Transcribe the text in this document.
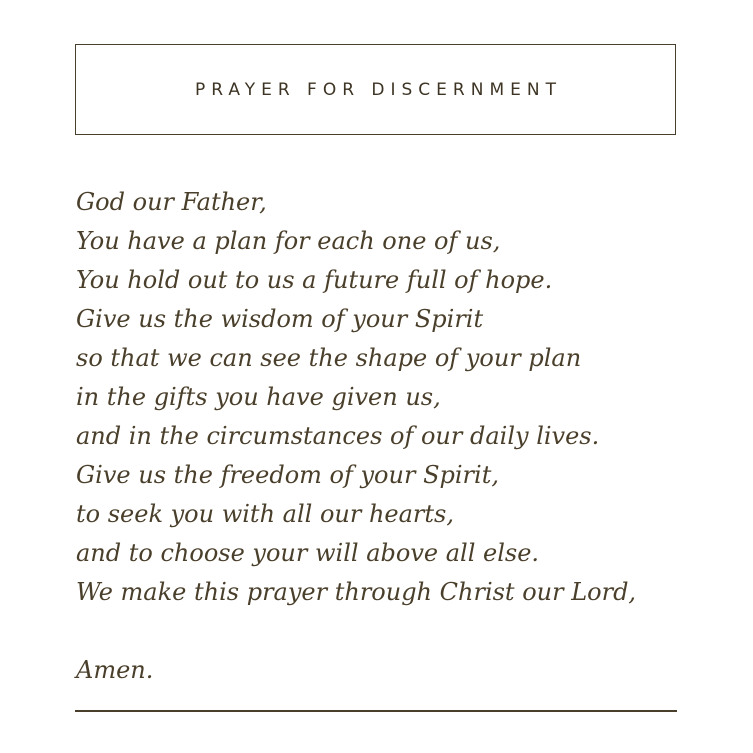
PRAYER FOR DISCERNMENT
God our Father,
You have a plan for each one of us,
You hold out to us a future full of hope.
Give us the wisdom of your Spirit
so that we can see the shape of your plan
in the gifts you have given us,
and in the circumstances of our daily lives.
Give us the freedom of your Spirit,
to seek you with all our hearts,
and to choose your will above all else.
We make this prayer through Christ our Lord,

Amen.
